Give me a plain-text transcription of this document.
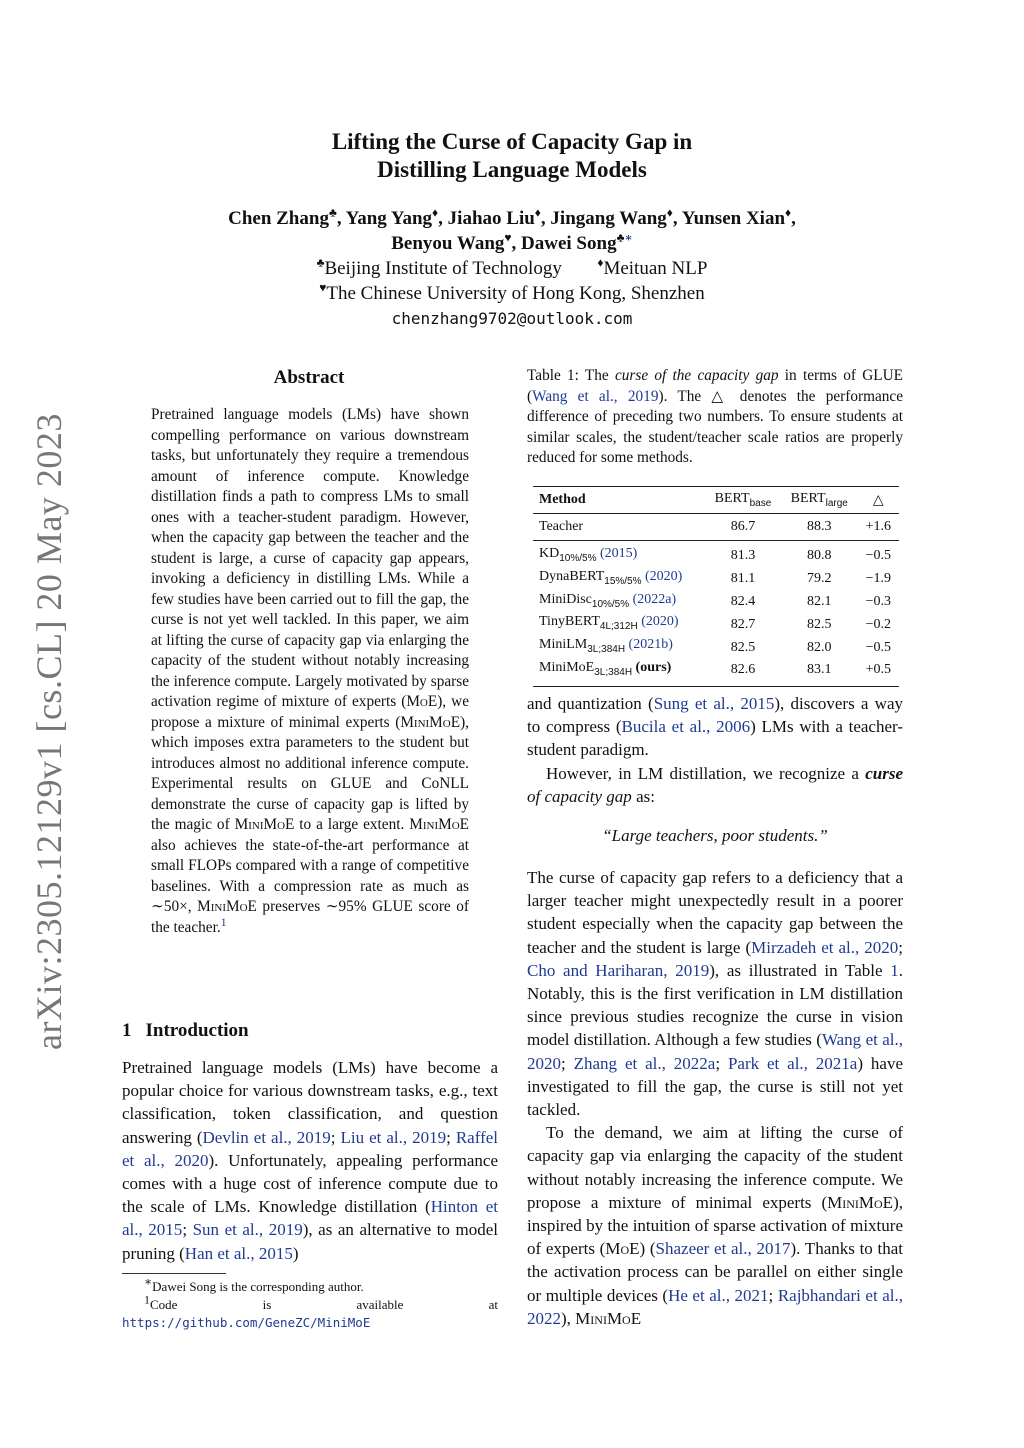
arXiv:2305.12129v1 [cs.CL] 20 May 2023
Lifting the Curse of Capacity Gap in
Distilling Language Models
Chen Zhang♣, Yang Yang♦, Jiahao Liu♦, Jingang Wang♦, Yunsen Xian♦,
Benyou Wang♥, Dawei Song♣∗
♣Beijing Institute of Technology	♦Meituan NLP
♥The Chinese University of Hong Kong, Shenzhen
chenzhang9702@outlook.com
Abstract
Pretrained language models (LMs) have shown compelling performance on various downstream tasks, but unfortunately they require a tremendous amount of inference compute. Knowledge distillation finds a path to compress LMs to small ones with a teacher-student paradigm. However, when the capacity gap between the teacher and the student is large, a curse of capacity gap appears, invoking a deficiency in distilling LMs. While a few studies have been carried out to fill the gap, the curse is not yet well tackled. In this paper, we aim at lifting the curse of capacity gap via enlarging the capacity of the student without notably increasing the inference compute. Largely motivated by sparse activation regime of mixture of experts (MoE), we propose a mixture of minimal experts (MiniMoE), which imposes extra parameters to the student but introduces almost no additional inference compute. Experimental results on GLUE and CoNLL demonstrate the curse of capacity gap is lifted by the magic of MiniMoE to a large extent. MiniMoE also achieves the state-of-the-art performance at small FLOPs compared with a range of competitive baselines. With a compression rate as much as ∼50×, MiniMoE preserves ∼95% GLUE score of the teacher.$^1$
1 Introduction
Pretrained language models (LMs) have become a popular choice for various downstream tasks, e.g., text classification, token classification, and question answering (Devlin et al., 2019; Liu et al., 2019; Raffel et al., 2020). Unfortunately, appealing performance comes with a huge cost of inference compute due to the scale of LMs. Knowledge distillation (Hinton et al., 2015; Sun et al., 2019), as an alternative to model pruning (Han et al., 2015)
∗Dawei Song is the corresponding author.
$^1$Code is available at https://github.com/GeneZC/MiniMoE
Table 1: The curse of the capacity gap in terms of GLUE (Wang et al., 2019). The △ denotes the performance difference of preceding two numbers. To ensure students at similar scales, the student/teacher scale ratios are properly reduced for some methods.
Method	$BERT_{base}$	$BERT_{large}$	△
Teacher	86.7	88.3	+1.6
$KD_{10\%/5\%}$ (2015)	81.3	80.8	−0.5
DynaBERT$_{15\%/5\%}$ (2020)	81.1	79.2	−1.9
MiniDisc$_{10\%/5\%}$ (2022a)	82.4	82.1	−0.3
TinyBERT$_{4L;312H}$ (2020)	82.7	82.5	−0.2
MiniLM$_{3L;384H}$ (2021b)	82.5	82.0	−0.5
MiniMoE$_{3L;384H}$ (ours)	82.6	83.1	+0.5

and quantization (Sung et al., 2015), discovers a way to compress (Bucila et al., 2006) LMs with a teacher-student paradigm.

However, in LM distillation, we recognize a curse of capacity gap as:

“Large teachers, poor students.”

The curse of capacity gap refers to a deficiency that a larger teacher might unexpectedly result in a poorer student especially when the capacity gap between the teacher and the student is large (Mirzadeh et al., 2020; Cho and Hariharan, 2019), as illustrated in Table 1. Notably, this is the first verification in LM distillation since previous studies recognize the curse in vision model distillation. Although a few studies (Wang et al., 2020; Zhang et al., 2022a; Park et al., 2021a) have investigated to fill the gap, the curse is still not yet tackled.

To the demand, we aim at lifting the curse of capacity gap via enlarging the capacity of the student without notably increasing the inference compute. We propose a mixture of minimal experts (MiniMoE), inspired by the intuition of sparse activation of mixture of experts (MoE) (Shazeer et al., 2017). Thanks to that the activation process can be parallel on either single or multiple devices (He et al., 2021; Rajbhandari et al., 2022), MiniMoE
